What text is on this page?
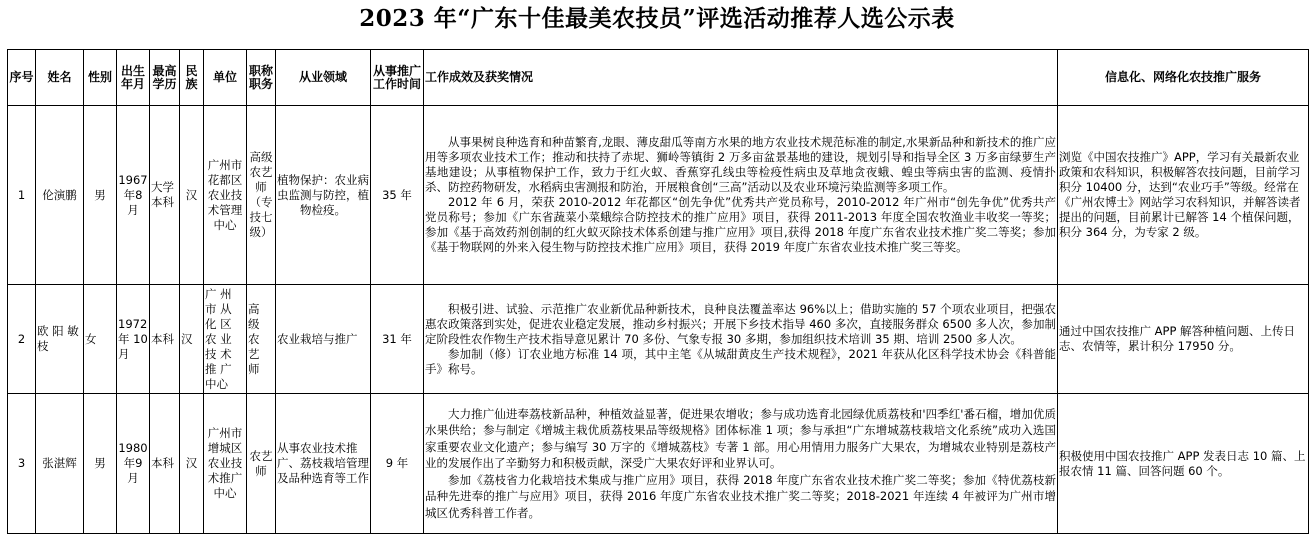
2023 年“广东十佳最美农技员”评选活动推荐人选公示表
序号	姓名	性别	出生年月	最高学历	民族	单位	职称职务	从业领域	从事推广工作时间	工作成效及获奖情况	信息化、网络化农技推广服务
1	伦演鹏	男	1967年8月	大学本科	汉	广州市花都区农业技术管理中心	高级农艺师（专技七级）	植物保护：农业病虫监测与防控，植物检疫。	35 年	从事果树良种选育和种苗繁育,龙眼、薄皮甜瓜等南方水果的地方农业技术规范标准的制定,水果新品种和新技术的推广应用等多项农业技术工作；推动和扶持了赤坭、狮岭等镇街 2 万多亩盆景基地的建设，规划引导和指导全区 3 万多亩绿萝生产基地建设；从事植物保护工作，致力于红火蚁、香蕉穿孔线虫等检疫性病虫及草地贪夜蛾、蝗虫等病虫害的监测、疫情扑杀、防控药物研发，水稻病虫害测报和防治，开展粮食创“三高”活动以及农业环境污染监测等多项工作。

2012 年 6 月，荣获 2010-2012 年花都区“创先争优”优秀共产党员称号，2010-2012 年广州市“创先争优”优秀共产党员称号；参加《广东省蔬菜小菜蛾综合防控技术的推广应用》项目，获得 2011-2013 年度全国农牧渔业丰收奖一等奖；参加《基于高效药剂创制的红火蚁灭除技术体系创建与推广应用》项目,获得 2018 年度广东省农业技术推广奖二等奖；参加《基于物联网的外来入侵生物与防控技术推广应用》项目，获得 2019 年度广东省农业技术推广奖三等奖。	浏览《中国农技推广》APP，学习有关最新农业政策和农科知识，积极解答农技问题，目前学习积分 10400 分，达到“农业巧手”等级。经常在《广州农博士》网站学习农科知识，并解答读者提出的问题，目前累计已解答 14 个植保问题，积分 364 分，为专家 2 级。
2	欧 阳 敏 枝	女	1972 年 10 月	本科	汉	广 州 市 从 化 区 农 业 技 术 推 广 中心	高 级 农 艺 师	农业栽培与推广	31 年	积极引进、试验、示范推广农业新优品种新技术，良种良法覆盖率达 96%以上；借助实施的 57 个项农业项目，把强农惠农政策落到实处，促进农业稳定发展，推动乡村振兴；开展下乡技术指导 460 多次，直接服务群众 6500 多人次，参加制定阶段性农作物生产技术指导意见累计 70 多份、气象专报 30 多期，参加组织技术培训 35 期、培训 2500 多人次。

参加制（修）订农业地方标准 14 项，其中主笔《从城甜黄皮生产技术规程》，2021 年获从化区科学技术协会《科普能手》称号。	通过中国农技推广 APP 解答种植问题、上传日志、农情等，累计积分 17950 分。
3	张湛辉	男	1980年9月	本科	汉	广州市增城区农业技术推广中心	农艺师	从事农业技术推广、荔枝栽培管理及品种选育等工作	9 年	大力推广仙进奉荔枝新品种，种植效益显著，促进果农增收；参与成功选育北园绿优质荔枝和'四季红'番石榴，增加优质水果供给；参与制定《增城主栽优质荔枝果品等级规格》团体标准 1 项；参与承担“广东增城荔枝栽培文化系统”成功入选国家重要农业文化遗产；参与编写 30 万字的《增城荔枝》专著 1 部。用心用情用力服务广大果农，为增城农业特别是荔枝产业的发展作出了辛勤努力和积极贡献，深受广大果农好评和业界认可。

参加《荔枝省力化栽培技术集成与推广应用》项目，获得 2018 年度广东省农业技术推广奖二等奖；参加《特优荔枝新品种先进奉的推广与应用》项目，获得 2016 年度广东省农业技术推广奖二等奖；2018-2021 年连续 4 年被评为广州市增城区优秀科普工作者。	积极使用中国农技推广 APP 发表日志 10 篇、上报农情 11 篇、回答问题 60 个。
